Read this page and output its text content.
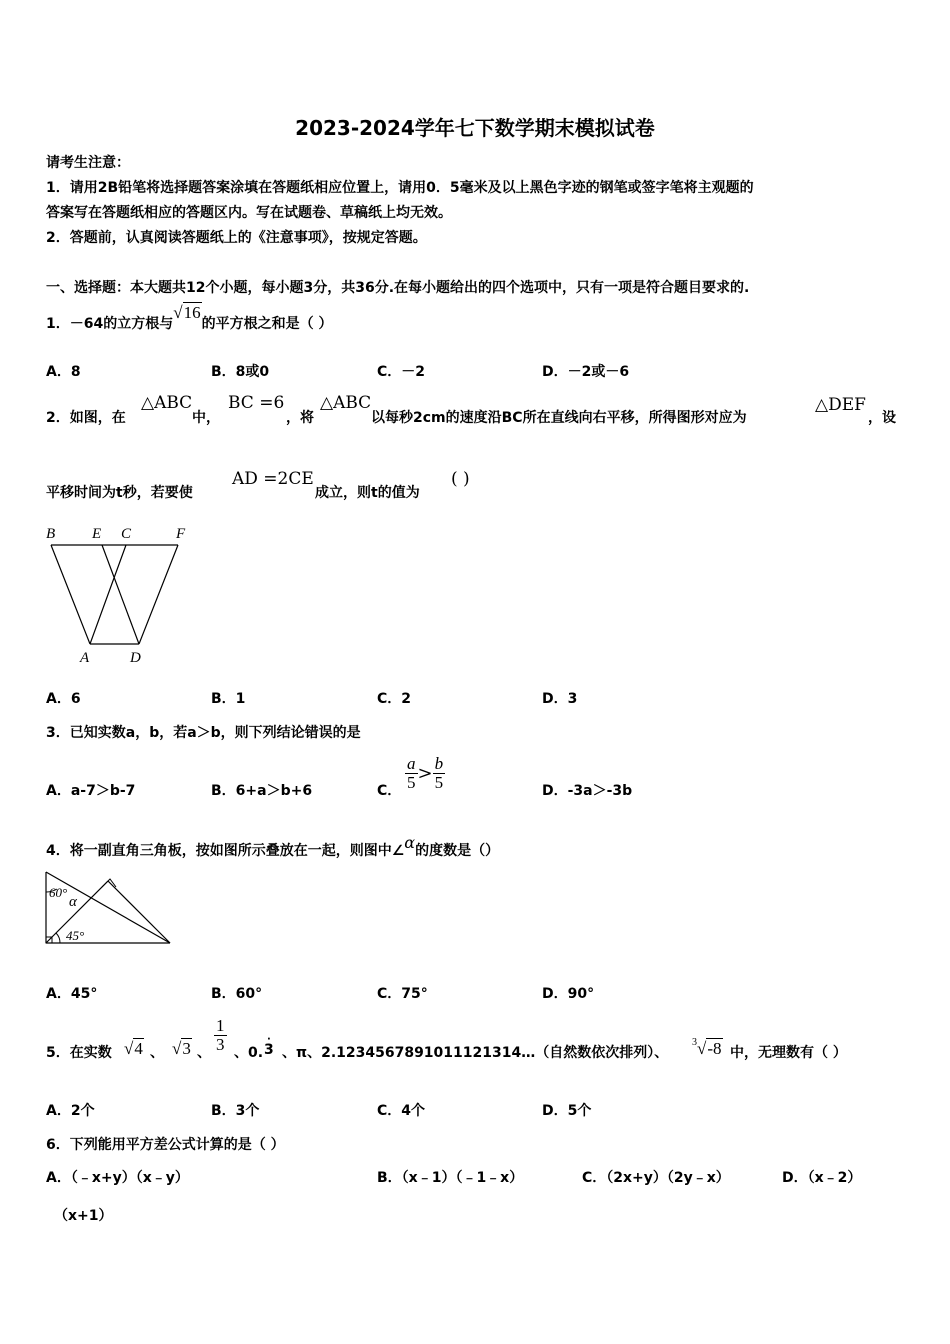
2023-2024学年七下数学期末模拟试卷
请考生注意：
1．请用2B铅笔将选择题答案涂填在答题纸相应位置上，请用0．5毫米及以上黑色字迹的钢笔或签字笔将主观题的
答案写在答题纸相应的答题区内。写在试题卷、草稿纸上均无效。
2．答题前，认真阅读答题纸上的《注意事项》，按规定答题。
一、选择题：本大题共12个小题，每小题3分，共36分.在每小题给出的四个选项中，只有一项是符合题目要求的.
1．－64的立方根与√16的平方根之和是（ ）
A．8	B．8或0	C．－2	D．－2或－6
2．如图，在
△ABC
中，
BC =6
，将
△ABC
以每秒2cm的速度沿BC所在直线向右平移，所得图形对应为
△DEF
，设
平移时间为t秒，若要使
AD =2CE
成立，则t的值为
( )
B E C	F
A	D
A．6	B．1	C．2	D．3
3．已知实数a，b，若a＞b，则下列结论错误的是
A．a-7＞b-7	B．6+a＞b+6	C． $\frac{a}{5} > \frac{b}{5}$	D．-3a＞-3b
4．将一副直角三角板，按如图所示叠放在一起，则图中∠α的度数是（）
60°
α
45°
A．45°	B．60°	C．75°	D．90°
5．在实数 √4 、 √3 、 $\frac{1}{3}$ 、0. 3
·
、π、2.1234567891011121314…（自然数依次排列）、
$^3$√-8 中，无理数有（ ）
A．2个	B．3个	C．4个	D．5个
6．下列能用平方差公式计算的是（ ）
A．（﹣x+y）（x﹣y）	B．（x﹣1）（﹣1﹣x）	C．（2x+y）（2y﹣x）	D．（x﹣2）
（x+1）
